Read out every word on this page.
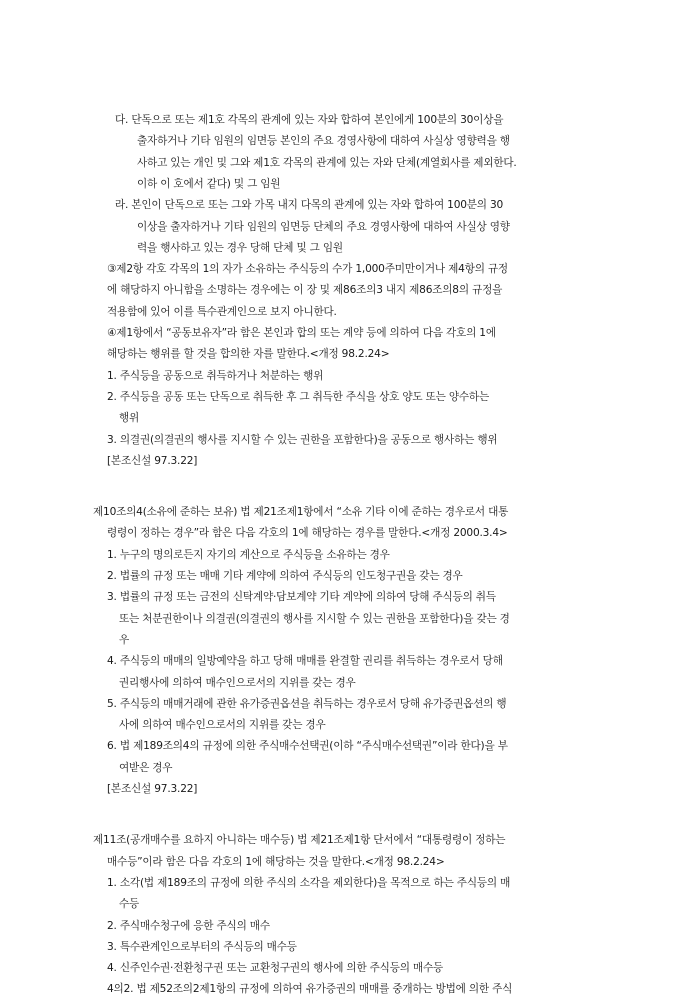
다. 단독으로 또는 제1호 각목의 관계에 있는 자와 합하여 본인에게 100분의 30이상을
출자하거나 기타 임원의 임면등 본인의 주요 경영사항에 대하여 사실상 영향력을 행
사하고 있는 개인 및 그와 제1호 각목의 관계에 있는 자와 단체(계열회사를 제외한다.
이하 이 호에서 같다) 및 그 임원
라. 본인이 단독으로 또는 그와 가목 내지 다목의 관계에 있는 자와 합하여 100분의 30
이상을 출자하거나 기타 임원의 임면등 단체의 주요 경영사항에 대하여 사실상 영향
력을 행사하고 있는 경우 당해 단체 및 그 임원
③제2항 각호 각목의 1의 자가 소유하는 주식등의 수가 1,000주미만이거나 제4항의 규정
에 해당하지 아니함을 소명하는 경우에는 이 장 및 제86조의3 내지 제86조의8의 규정을
적용함에 있어 이를 특수관계인으로 보지 아니한다.
④제1항에서 “공동보유자”라 함은 본인과 합의 또는 계약 등에 의하여 다음 각호의 1에
해당하는 행위를 할 것을 합의한 자를 말한다.<개정 98.2.24>
1. 주식등을 공동으로 취득하거나 처분하는 행위
2. 주식등을 공동 또는 단독으로 취득한 후 그 취득한 주식을 상호 양도 또는 양수하는
행위
3. 의결권(의결권의 행사를 지시할 수 있는 권한을 포함한다)을 공동으로 행사하는 행위
[본조신설 97.3.22]
제10조의4(소유에 준하는 보유) 법 제21조제1항에서 “소유 기타 이에 준하는 경우로서 대통
령령이 정하는 경우”라 함은 다음 각호의 1에 해당하는 경우를 말한다.<개정 2000.3.4>
1. 누구의 명의로든지 자기의 계산으로 주식등을 소유하는 경우
2. 법률의 규정 또는 매매 기타 계약에 의하여 주식등의 인도청구권을 갖는 경우
3. 법률의 규정 또는 금전의 신탁계약·담보계약 기타 계약에 의하여 당해 주식등의 취득
또는 처분권한이나 의결권(의결권의 행사를 지시할 수 있는 권한을 포함한다)을 갖는 경
우
4. 주식등의 매매의 일방예약을 하고 당해 매매를 완결할 권리를 취득하는 경우로서 당해
권리행사에 의하여 매수인으로서의 지위를 갖는 경우
5. 주식등의 매매거래에 관한 유가증권옵션을 취득하는 경우로서 당해 유가증권옵션의 행
사에 의하여 매수인으로서의 지위를 갖는 경우
6. 법 제189조의4의 규정에 의한 주식매수선택권(이하 “주식매수선택권”이라 한다)을 부
여받은 경우
[본조신설 97.3.22]
제11조(공개매수를 요하지 아니하는 매수등) 법 제21조제1항 단서에서 “대통령령이 정하는
매수등”이라 함은 다음 각호의 1에 해당하는 것을 말한다.<개정 98.2.24>
1. 소각(법 제189조의 규정에 의한 주식의 소각을 제외한다)을 목적으로 하는 주식등의 매
수등
2. 주식매수청구에 응한 주식의 매수
3. 특수관계인으로부터의 주식등의 매수등
4. 신주인수권·전환청구권 또는 교환청구권의 행사에 의한 주식등의 매수등
4의2. 법 제52조의2제1항의 규정에 의하여 유가증권의 매매를 중개하는 방법에 의한 주식
